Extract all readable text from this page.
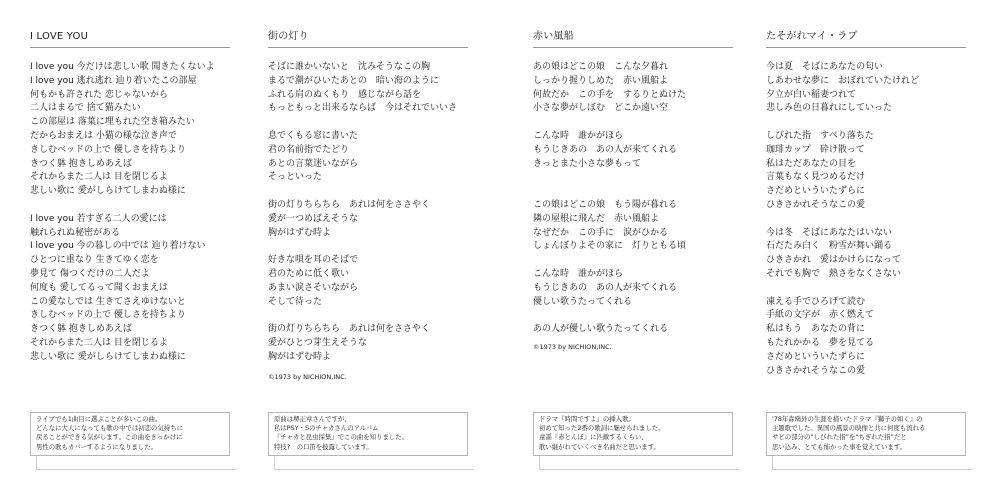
I LOVE YOU
I love you 今だけは悲しい歌 聞きたくないよ
I love you 逃れ逃れ 辿り着いたこの部屋
何もかも許された 恋じゃないから
二人はまるで 捨て猫みたい
この部屋は 落葉に埋もれた空き箱みたい
だからおまえは 小猫の様な泣き声で
きしむベッドの上で 優しさを持ちより
きつく躰 抱きしめあえば
それからまた二人は 目を閉じるよ
悲しい歌に 愛がしらけてしまわぬ様に
I love you 若すぎる二人の愛には
触れられぬ秘密がある
I love you 今の暮しの中では 辿り着けない
ひとつに重なり 生きてゆく恋を
夢見て 傷つくだけの二人だよ
何度も 愛してるって聞くおまえは
この愛なしでは 生きてさえゆけないと
きしむベッドの上で 優しさを持ちより
きつく躰 抱きしめあえば
それからまた二人は 目を閉じるよ
悲しい歌に 愛がしらけてしまわぬ様に
街の灯り
そばに誰かいないと　沈みそうなこの胸
まるで潮がひいたあとの　暗い海のように
ふれる肩のぬくもり　感じながら話を
もっともっと出来るならば　今はそれでいいさ
息でくもる窓に書いた
君の名前指でたどり
あとの言葉迷いながら
そっといった
街の灯りちらちら　あれは何をささやく
愛が一つめばえそうな
胸がはずむ時よ
好きな唄を耳のそばで
君のために低く歌い
あまい涙さそいながら
そして待った
街の灯りちらちら　あれは何をささやく
愛がひとつ芽生えそうな
胸がはずむ時よ
©1973 by NICHION,INC.
赤い風船
あの娘はどこの娘　こんな夕暮れ
しっかり握りしめた　赤い風船よ
何故だか　この手を　するりとぬけた
小さな夢がしぼむ　どこか遠い空
こんな時　誰かがほら
もうじきあの　あの人が来てくれる
きっとまた小さな夢もって
この娘はどこの娘　もう陽が暮れる
隣の屋根に飛んだ　赤い風船よ
なぜだか　この手に　涙がひかる
しょんぼりよその家に　灯りともる頃
こんな時　誰かがほら
もうじきあの　あの人が来てくれる
優しい歌うたってくれる
あの人が優しい歌うたってくれる
©1973 by NICHION,INC.
たそがれマイ・ラブ
今は夏　そばにあなたの匂い
しあわせな夢に　おぼれていたけれど
夕立が白い稲妻つれて
悲しみ色の日暮れにしていった
しびれた指　すべり落ちた
珈琲カップ　砕け散って
私はただあなたの目を
言葉もなく見つめるだけ
さだめといういたずらに
ひきさかれそうなこの愛
今は冬　そばにあなたはいない
石だたみ白く　粉雪が舞い踊る
ひきさかれ　愛はかけらになって
それでも胸で　熱さをなくさない
凍える手でひろげて読む
手紙の文字が　赤く燃えて
私はもう　あなたの背に
もたれかかる　夢を見てる
さだめといういたずらに
ひきさかれそうなこの愛
ライブでも1曲目に選ぶことが多いこの曲。
どんなに大人になっても歌の中では初恋の気持ちに
戻ることができる気がします。この曲をきっかけに
男性の歌もカバーするようになりました。
原曲は堺正章さんですが、
私はPSY・Sのチャカさんのアルバム
『チャカと昆虫採集』でこの曲を知りました。
特技?　の口笛を披露しています。
ドラマ『時間ですよ』の挿入歌。
初めて知った2番の歌詞に魅せられました。
童謡『赤とんぼ』に匹敵するくらい、
歌い継がれていくべき名曲だと思います。
'78年森鴎外の生涯を描いたドラマ『獅子の如く』の
主題歌でした。異国の風景の映像と共に何度も流れる
サビの部分の“しびれた指”を“ちぎれた指”だと
思い込み、とても怖かった事を覚えています。
